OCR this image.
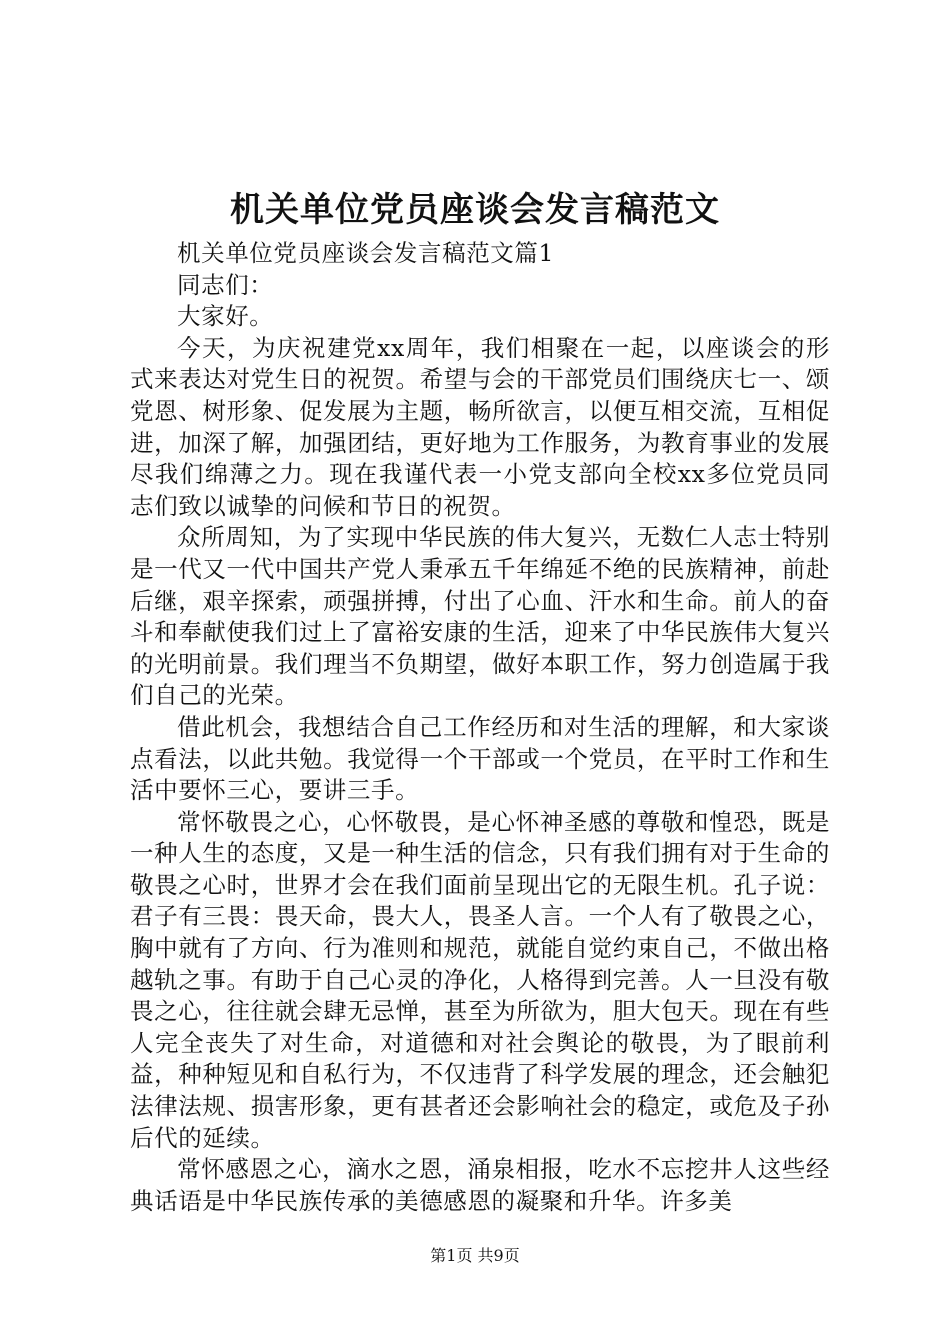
机关单位党员座谈会发言稿范文

机关单位党员座谈会发言稿范文篇1

同志们：

大家好。

今天，为庆祝建党xx周年，我们相聚在一起，以座谈会的形式来表达对党生日的祝贺。希望与会的干部党员们围绕庆七一、颂党恩、树形象、促发展为主题，畅所欲言，以便互相交流，互相促进，加深了解，加强团结，更好地为工作服务，为教育事业的发展尽我们绵薄之力。现在我谨代表一小党支部向全校xx多位党员同志们致以诚挚的问候和节日的祝贺。

众所周知，为了实现中华民族的伟大复兴，无数仁人志士特别是一代又一代中国共产党人秉承五千年绵延不绝的民族精神，前赴后继，艰辛探索，顽强拼搏，付出了心血、汗水和生命。前人的奋斗和奉献使我们过上了富裕安康的生活，迎来了中华民族伟大复兴的光明前景。我们理当不负期望，做好本职工作，努力创造属于我们自己的光荣。

借此机会，我想结合自己工作经历和对生活的理解，和大家谈点看法，以此共勉。我觉得一个干部或一个党员，在平时工作和生活中要怀三心，要讲三手。

常怀敬畏之心，心怀敬畏，是心怀神圣感的尊敬和惶恐，既是一种人生的态度，又是一种生活的信念，只有我们拥有对于生命的敬畏之心时，世界才会在我们面前呈现出它的无限生机。孔子说：君子有三畏：畏天命，畏大人，畏圣人言。一个人有了敬畏之心，胸中就有了方向、行为准则和规范，就能自觉约束自己，不做出格越轨之事。有助于自己心灵的净化，人格得到完善。人一旦没有敬畏之心，往往就会肆无忌惮，甚至为所欲为，胆大包天。现在有些人完全丧失了对生命，对道德和对社会舆论的敬畏，为了眼前利益，种种短见和自私行为，不仅违背了科学发展的理念，还会触犯法律法规、损害形象，更有甚者还会影响社会的稳定，或危及子孙后代的延续。

常怀感恩之心，滴水之恩，涌泉相报，吃水不忘挖井人这些经典话语是中华民族传承的美德感恩的凝聚和升华。许多美

第1页 共9页
